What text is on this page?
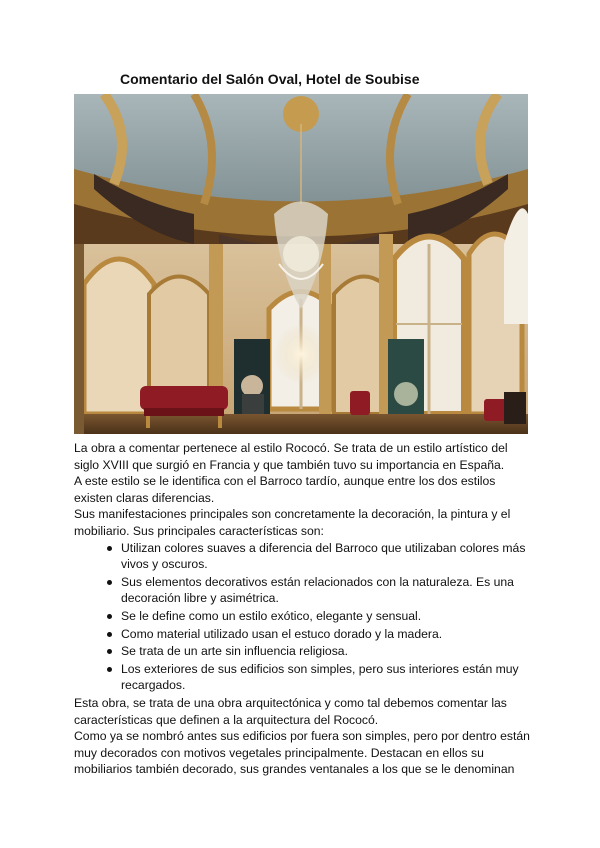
Comentario del Salón Oval, Hotel de Soubise

La obra a comentar pertenece al estilo Rococó. Se trata de un estilo artístico del siglo XVIII que surgió en Francia y que también tuvo su importancia en España.

A este estilo se le identifica con el Barroco tardío, aunque entre los dos estilos existen claras diferencias.

Sus manifestaciones principales son concretamente la decoración, la pintura y el mobiliario. Sus principales características son:

Utilizan colores suaves a diferencia del Barroco que utilizaban colores más vivos y oscuros.
Sus elementos decorativos están relacionados con la naturaleza. Es una decoración libre y asimétrica.
Se le define como un estilo exótico, elegante y sensual.
Como material utilizado usan el estuco dorado y la madera.
Se trata de un arte sin influencia religiosa.
Los exteriores de sus edificios son simples, pero sus interiores están muy recargados.

Esta obra, se trata de una obra arquitectónica y como tal debemos comentar las características que definen a la arquitectura del Rococó.

Como ya se nombró antes sus edificios por fuera son simples, pero por dentro están muy decorados con motivos vegetales principalmente. Destacan en ellos su mobiliarios también decorado, sus grandes ventanales a los que se le denominan
